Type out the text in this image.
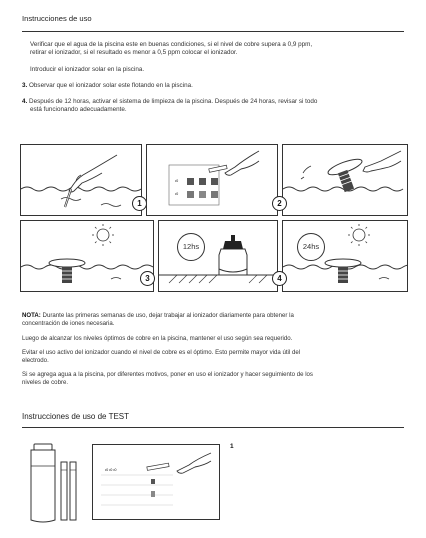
Instrucciones de uso
Verificar que el agua de la piscina este en buenas condiciones, si el nivel de cobre supera a 0,9 ppm,
retirar el ionizador, si el resultado es menor a 0,5 ppm colocar el ionizador.
Introducir el ionizador solar en la piscina.
3. Observar que el ionizador solar este flotando en la piscina.
4. Después de 12 horas, activar el sistema de limpieza de la piscina. Después de 24 horas, revisar si todo
está funcionando adecuadamente.
1
•0
•0
2
3
12hs	24hs
4
NOTA: Durante las primeras semanas de uso, dejar trabajar al ionizador diariamente para obtener la
concentración de iones necesaria.
Luego de alcanzar los niveles óptimos de cobre en la piscina, mantener el uso según sea requerido.
Evitar el uso activo del ionizador cuando el nivel de cobre es el óptimo. Esto permite mayor vida útil del
electrodo.
Si se agrega agua a la piscina, por diferentes motivos, poner en uso el ionizador y hacer seguimiento de los
niveles de cobre.
Instrucciones de uso de TEST
•0 •0 •0
1
